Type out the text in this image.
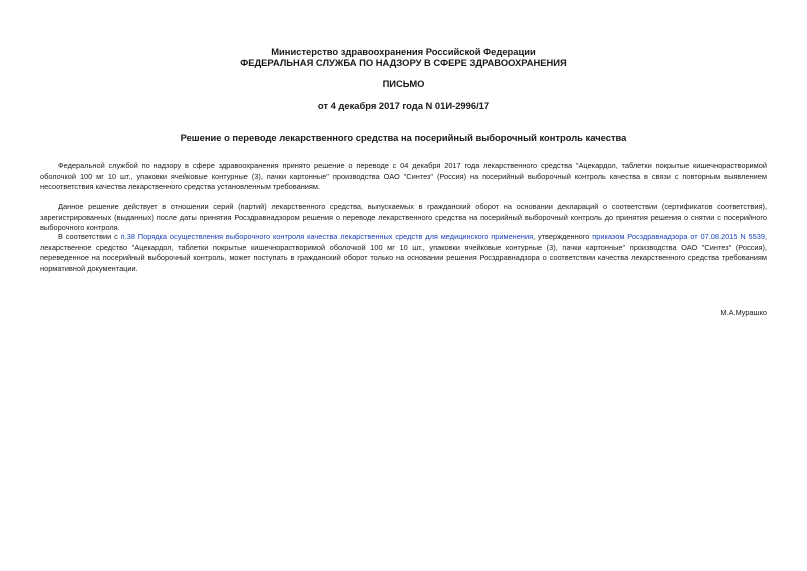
Министерство здравоохранения Российской Федерации
ФЕДЕРАЛЬНАЯ СЛУЖБА ПО НАДЗОРУ В СФЕРЕ ЗДРАВООХРАНЕНИЯ
ПИСЬМО
от 4 декабря 2017 года N 01И-2996/17
Решение о переводе лекарственного средства на посерийный выборочный контроль качества

Федеральной службой по надзору в сфере здравоохранения принято решение о переводе с 04 декабря 2017 года лекарственного средства "Ацекардол, таблетки покрытые кишечнорастворимой оболочкой 100 мг 10 шт., упаковки ячейковые контурные (3), пачки картонные" производства ОАО "Синтез" (Россия) на посерийный выборочный контроль качества в связи с повторным выявлением несоответствия качества лекарственного средства установленным требованиям.

Данное решение действует в отношении серий (партий) лекарственного средства, выпускаемых в гражданский оборот на основании деклараций о соответствии (сертификатов соответствия), зарегистрированных (выданных) после даты принятия Росздравнадзором решения о переводе лекарственного средства на посерийный выборочный контроль до принятия решения о снятии с посерийного выборочного контроля.

В соответствии с п.38 Порядка осуществления выборочного контроля качества лекарственных средств для медицинского применения, утвержденного приказом Росздравнадзора от 07.08.2015 N 5539, лекарственное средство "Ацекардол, таблетки покрытые кишечнорастворимой оболочкой 100 мг 10 шт., упаковки ячейковые контурные (3), пачки картонные" производства ОАО "Синтез" (Россия), переведенное на посерийный выборочный контроль, может поступать в гражданский оборот только на основании решения Росздравнадзора о соответствии качества лекарственного средства требованиям нормативной документации.

М.А.Мурашко
